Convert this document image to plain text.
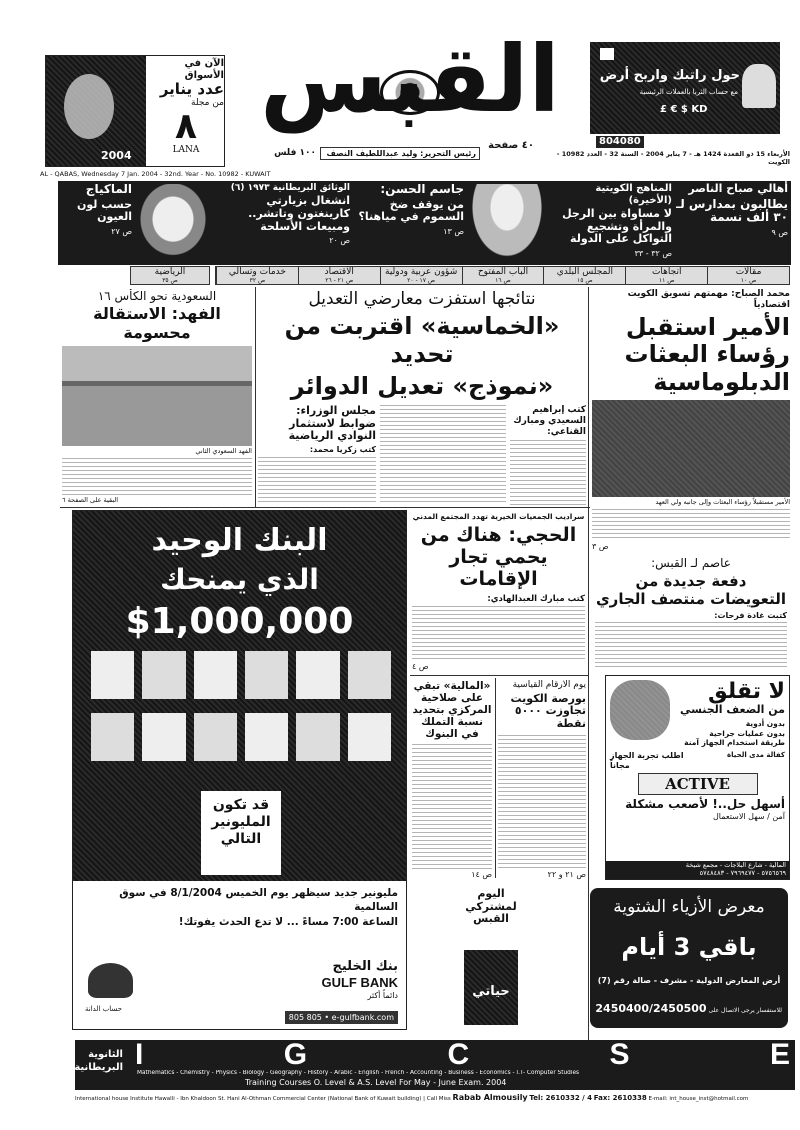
2004
الآن في الأسواق
عدد يناير
من مجلة
٨
LANA
القبس
٤٠ صفحة
رئيس التحرير: وليد عبداللطيف النصف
١٠٠ فلس
حول راتبك واربح أرض
مع حساب الثريا بالعملات الرئيسية
£ € $ KD
804080
الأربعاء 15 ذو القعدة 1424 هـ - 7 يناير 2004 - السنة 32 - العدد 10982 - الكويت
AL - QABAS, Wednesday 7 Jan. 2004 - 32nd. Year - No. 10982 - KUWAIT
أهالي صباح الناصر
يطالبون بمدارس لـ ٣٠ ألف نسمة
ص ٩
المناهج الكويتية (الأخيرة)
لا مساواة بين الرجل والمرأة وتشجيع التواكل على الدولة
ص ٣٢ - ٣٣
جاسم الحسن:
من يوقف ضخ السموم في مياهنا؟
ص ١٣
الوثائق البريطانية ١٩٧٣ (٦)
انشغال بزيارتي كارينغتون وتاتشر.. ومبيعات الأسلحة
ص ٢٠
الماكياج
حسب لون العيون
ص ٢٧
مقالات
ص ١٠
اتجاهات
ص ١١
المجلس البلدي
ص ١٥
الباب المفتوح
ص ١٦
شؤون عربية ودولية
ص ١٧ - ٢٠
الاقتصاد
ص ٢١ - ٢٦
خدمات وتسالي
ص ٣٢
الرياضية
ص ٣٥
محمد الصباح: مهمتهم تسويق الكويت اقتصادياً
الأمير استقبل رؤساء البعثات الدبلوماسية
الأمير مستقبلاً رؤساء البعثات وإلى جانبه ولي العهد
ص ٣
نتائجها استفزت معارضي التعديل
«الخماسية» اقتربت من تحديد
«نموذج» تعديل الدوائر
كتب إبراهيم السعيدي ومبارك القناعي:
مجلس الوزراء: ضوابط لاستثمار النوادي الرياضية
كتب زكريا محمد:
السعودية نحو الكأس ١٦
الفهد: الاستقالة محسومة
الفهد السعودي الثاني
البقية على الصفحة ٦
البنك الوحيد
الذي يمنحك
$1,000,000
قد تكون المليونير التالي
مليونير جديد سيظهر يوم الخميس 8/1/2004 في سوق السالمية
الساعة 7:00 مساءً ... لا تدع الحدث يفوتك!
بنك الخليج
GULF BANK
دائماً أكثر
805 805 • e-gulfbank.com
حساب الدانة
سراديب الجمعيات الخيرية تهدد المجتمع المدني
الحجي: هناك من يحمي تجار الإقامات
كتب مبارك العبدالهادي:
ص ٤
«المالية» تبقي على صلاحية المركزي بتحديد نسبة التملك في البنوك
ص ١٤
يوم الأرقام القياسية
بورصة الكويت تجاوزت ٥٠٠٠ نقطة
ص ٢١ و ٢٢
اليوم لمشتركي القبس
حياتي
عاصم لـ القبس:
دفعة جديدة من التعويضات منتصف الجاري
كتبت غادة فرحات:
لا تقلق
من الضعف الجنسي
بدون أدوية
بدون عمليات جراحية
طريقة استخدام الجهاز آمنة
كفالة مدى الحياة
اطلب تجربة الجهاز مجاناً
ACTIVE
أسهل حل..! لأصعب مشكلة
آمن / سهل الاستعمال
المالية - شارع البلاجات - مجمع شيخة
٥٧٥٦٥٦٩ - ٧٩٦٩٤٧٧ - ٥٧٤٨٤٨٣
معرض الأزياء الشتوية
باقي 3 أيام
أرض المعارض الدولية - مشرف - صالة رقم (7)
للاستفسار يرجى الاتصال على 2450400/2450500
الثانوية البريطانية I	G	C	S	E
Mathematics - Chemistry - Physics - Biology - Geography - History - Arabic - English - French - Accounting - Business - Economics - I.T- Computer Studies
Training Courses O. Level & A.S. Level For May - June Exam. 2004
International house Institute Hawalli - Ibn Khaldoon St. Hani Al-Othman Commercial Center (National Bank of Kuwait building) | Call Miss Rabab Almousily Tel: 2610332 / 4 Fax: 2610338 E-mail: int_house_inst@hotmail.com
